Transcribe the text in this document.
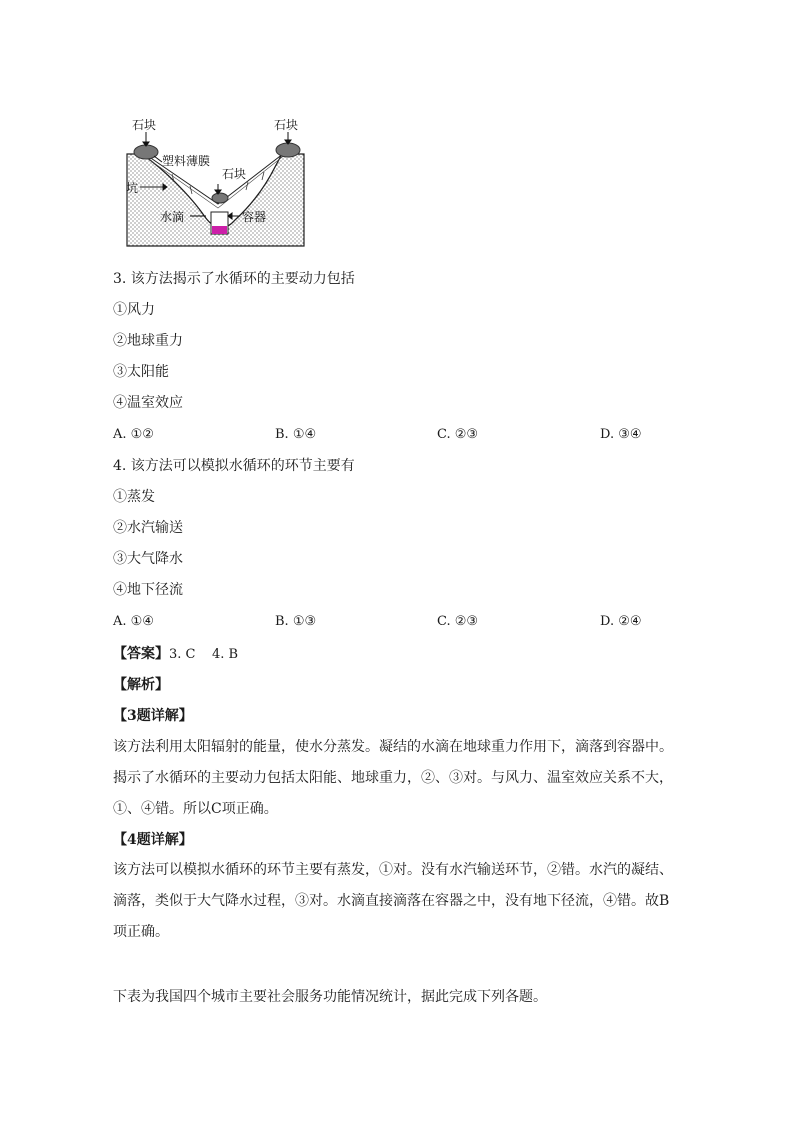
石块	石块
塑料薄膜
石块
坑
水滴	容器
3. 该方法揭示了水循环的主要动力包括
①风力
②地球重力
③太阳能
④温室效应
A. ①②	B. ①④	C. ②③	D. ③④
4. 该方法可以模拟水循环的环节主要有
①蒸发
②水汽输送
③大气降水
④地下径流
A. ①④	B. ①③	C. ②③	D. ②④
【答案】3. C    4. B
【解析】
【3题详解】
该方法利用太阳辐射的能量，使水分蒸发。凝结的水滴在地球重力作用下，滴落到容器中。揭示了水循环的主要动力包括太阳能、地球重力，②、③对。与风力、温室效应关系不大，①、④错。所以C项正确。
【4题详解】
该方法可以模拟水循环的环节主要有蒸发，①对。没有水汽输送环节，②错。水汽的凝结、滴落，类似于大气降水过程，③对。水滴直接滴落在容器之中，没有地下径流，④错。故B项正确。
下表为我国四个城市主要社会服务功能情况统计，据此完成下列各题。
